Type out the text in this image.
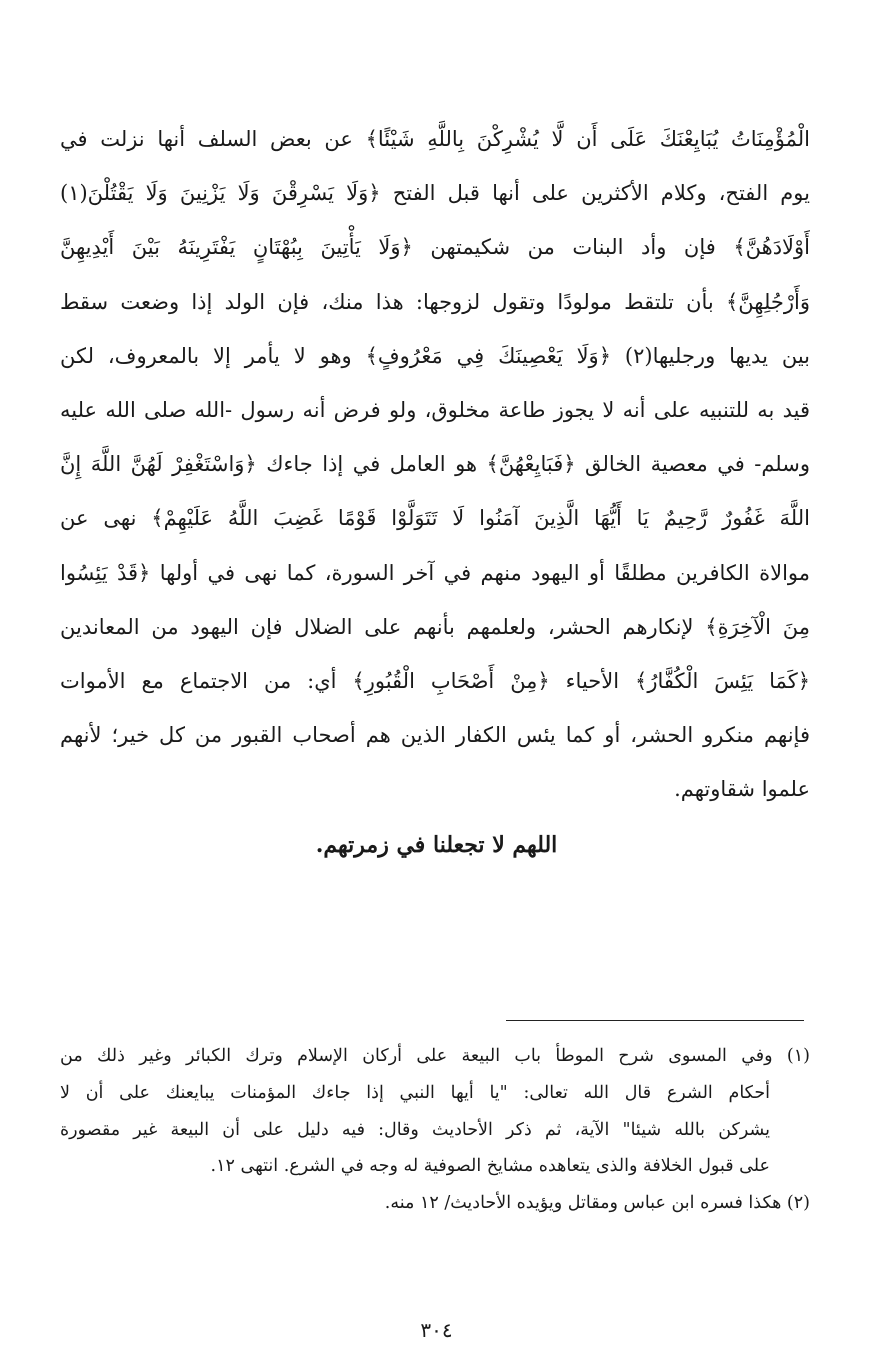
الْمُؤْمِنَاتُ يُبَايِعْنَكَ عَلَى أَن لَّا يُشْرِكْنَ بِاللَّهِ شَيْئًا﴾ عن بعض السلف أنها نزلت في
يوم الفتح، وكلام الأكثرين على أنها قبل الفتح ﴿وَلَا يَسْرِقْنَ وَلَا يَزْنِينَ وَلَا يَقْتُلْنَ(١)
أَوْلَادَهُنَّ﴾ فإن وأد البنات من شكيمتهن ﴿وَلَا يَأْتِينَ بِبُهْتَانٍ يَفْتَرِينَهُ بَيْنَ أَيْدِيهِنَّ
وَأَرْجُلِهِنَّ﴾ بأن تلتقط مولودًا وتقول لزوجها: هذا منك، فإن الولد إذا وضعت سقط
بين يديها ورجليها(٢) ﴿وَلَا يَعْصِينَكَ فِي مَعْرُوفٍ﴾ وهو لا يأمر إلا بالمعروف، لكن
قيد به للتنبيه على أنه لا يجوز طاعة مخلوق، ولو فرض أنه رسول -الله صلى الله عليه
وسلم- في معصية الخالق ﴿فَبَايِعْهُنَّ﴾ هو العامل في إذا جاءك ﴿وَاسْتَغْفِرْ لَهُنَّ اللَّهَ إِنَّ
اللَّهَ غَفُورٌ رَّحِيمٌ يَا أَيُّهَا الَّذِينَ آمَنُوا لَا تَتَوَلَّوْا قَوْمًا غَضِبَ اللَّهُ عَلَيْهِمْ﴾ نهى عن
موالاة الكافرين مطلقًا أو اليهود منهم في آخر السورة، كما نهى في أولها ﴿قَدْ يَئِسُوا
مِنَ الْآخِرَةِ﴾ لإنكارهم الحشر، ولعلمهم بأنهم على الضلال فإن اليهود من المعاندين
﴿كَمَا يَئِسَ الْكُفَّارُ﴾ الأحياء ﴿مِنْ أَصْحَابِ الْقُبُورِ﴾ أي: من الاجتماع مع الأموات
فإنهم منكرو الحشر، أو كما يئس الكفار الذين هم أصحاب القبور من كل خير؛ لأنهم
علموا شقاوتهم.
اللهم لا تجعلنا في زمرتهم.
(١) وفي المسوى شرح الموطأ باب البيعة على أركان الإسلام وترك الكبائر وغير ذلك من
أحكام الشرع قال الله تعالى: "يا أيها النبي إذا جاءك المؤمنات يبايعنك على أن لا
يشركن بالله شيئا" الآية، ثم ذكر الأحاديث وقال: فيه دليل على أن البيعة غير مقصورة
على قبول الخلافة والذى يتعاهده مشايخ الصوفية له وجه في الشرع. انتهى ١٢.
(٢) هكذا فسره ابن عباس ومقاتل ويؤيده الأحاديث/ ١٢ منه.
٣٠٤
